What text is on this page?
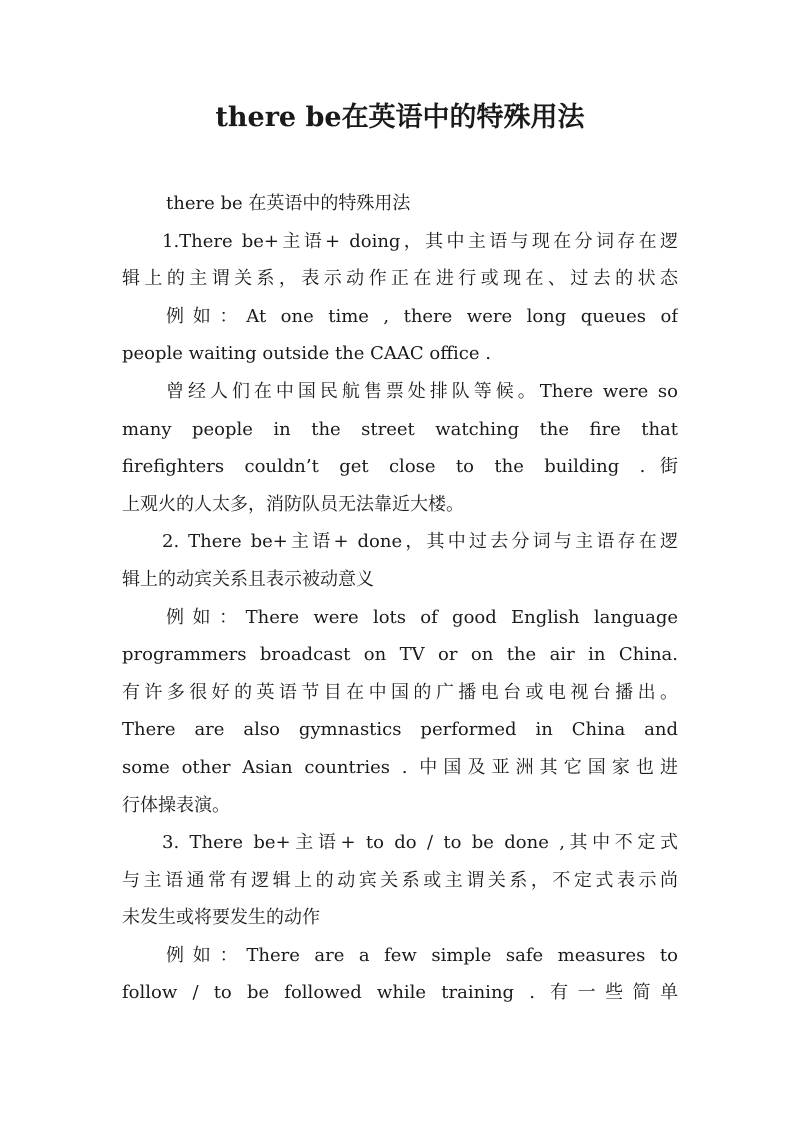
there be在英语中的特殊用法
there be 在英语中的特殊用法
1.There be+主语+ doing，其中主语与现在分词存在逻
辑上的主谓关系，表示动作正在进行或现在、过去的状态
例如：At one time , there were long queues of
people waiting outside the CAAC office .
曾经人们在中国民航售票处排队等候。There were so
many people in the street watching the fire that
firefighters couldn’t get close to the building .街
上观火的人太多，消防队员无法靠近大楼。
2. There be+主语+ done，其中过去分词与主语存在逻
辑上的动宾关系且表示被动意义
例如：There were lots of good English language
programmers broadcast on TV or on the air in China.
有许多很好的英语节目在中国的广播电台或电视台播出。
There are also gymnastics performed in China and
some other Asian countries . 中国及亚洲其它国家也进
行体操表演。
3. There be+主语+ to do / to be done ,其中不定式
与主语通常有逻辑上的动宾关系或主谓关系，不定式表示尚
未发生或将要发生的动作
例如：There are a few simple safe measures to
follow / to be followed while training . 有一些简单
